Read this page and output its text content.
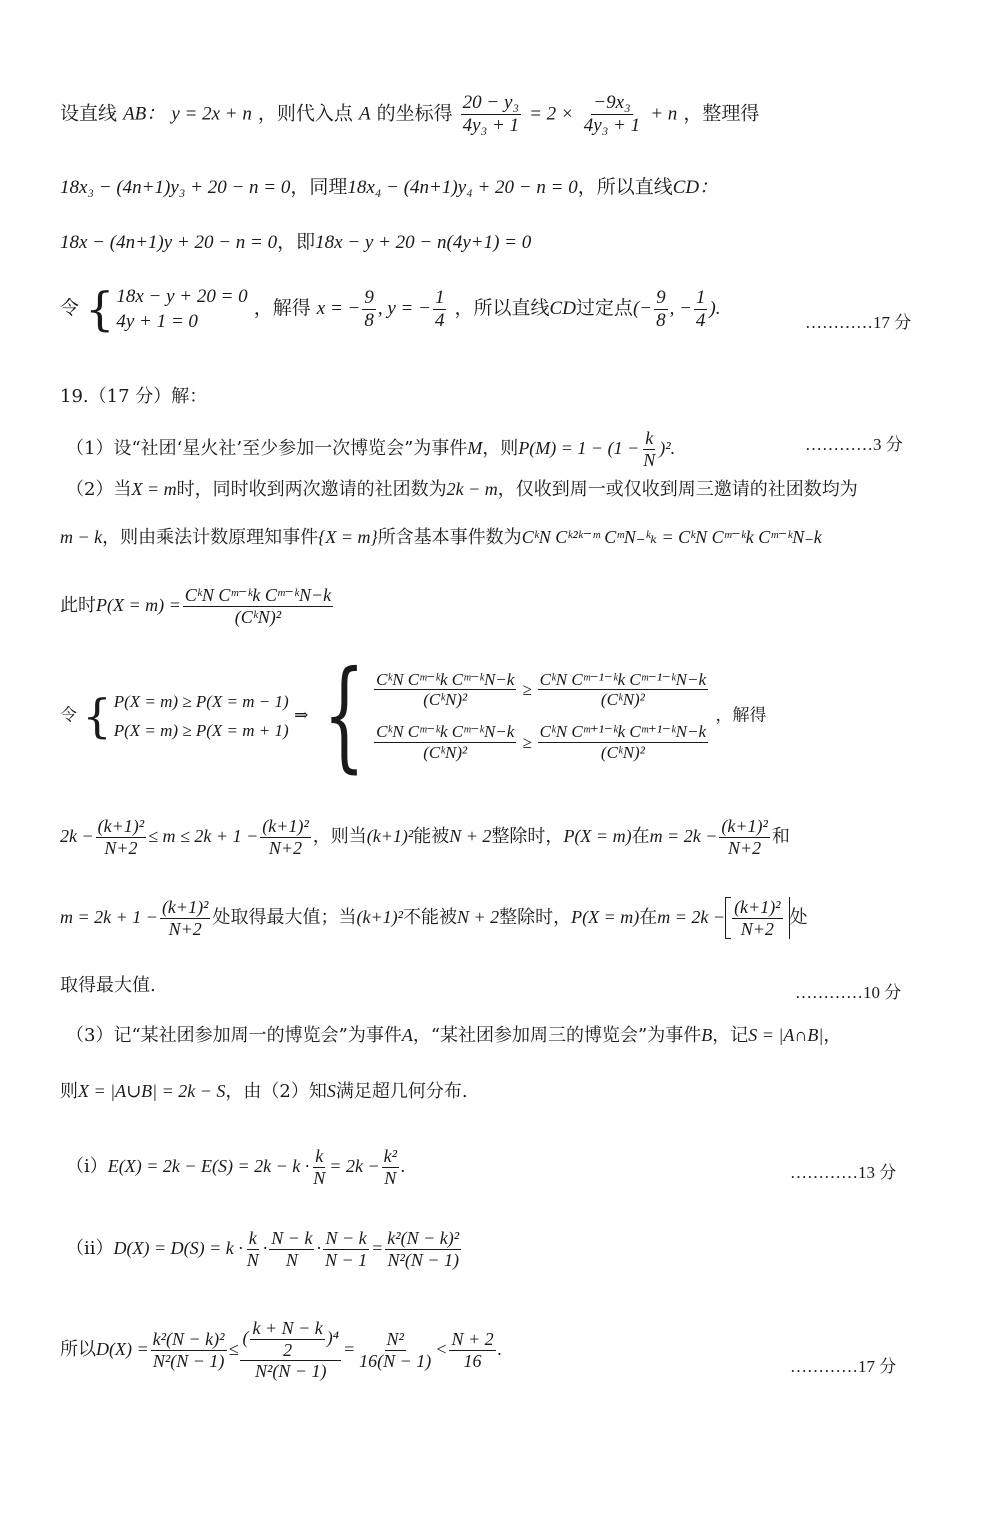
设直线 AB： y = 2x + n ，则代入点 A 的坐标得 $\frac{\text{20 − y₃}}{\text{4y₃ + 1}} = 2 \times \frac{\text{−9x₃}}{\text{4y₃ + 1}} + n$ ，整理得
18x₃ − (4n+1)y₃ + 20 − n = 0，同理18x₄ − (4n+1)y₄ + 20 − n = 0，所以直线CD：
18x − (4n+1)y + 20 − n = 0，即18x − y + 20 − n(4y+1) = 0
令 { 18x − y + 20 = 0
4y + 1 = 0
，解得 x = − $\frac{9}{8}$ , y = − $\frac{1}{4}$ ，所以直线CD过定点(− $\frac{9}{8}$ , − $\frac{1}{4}$ ).
…………17 分
19.（17 分）解：
（1）设“社团‘星火社’至少参加一次博览会”为事件M，则$P(M) = 1 - (1 - \frac{k}{N} )^2$.	…………3 分
（2）当X = m时，同时收到两次邀请的社团数为2k − m，仅收到周一或仅收到周三邀请的社团数均为
m − k，则由乘法计数原理知事件{X = m}所含基本事件数为CᵏN Cᵏ²ᵏ⁻ᵐ CᵐN₋ᵏₖ = CᵏN Cᵐ⁻ᵏk Cᵐ⁻ᵏN₋k
此时P(X = m) =
CᵏN Cᵐ⁻ᵏk Cᵐ⁻ᵏN−k
(CᵏN)²
令 { P(X = m) ≥ P(X = m − 1)
P(X = m) ≥ P(X = m + 1)
⇒ { CᵏN Cᵐ⁻ᵏk Cᵐ⁻ᵏN−k
(CᵏN)²
≥
CᵏN Cᵐ⁻¹⁻ᵏk Cᵐ⁻¹⁻ᵏN−k
(CᵏN)²
CᵏN Cᵐ⁻ᵏk Cᵐ⁻ᵏN−k
(CᵏN)²
≥
CᵏN Cᵐ⁺¹⁻ᵏk Cᵐ⁺¹⁻ᵏN−k
(CᵏN)²
，解得
$2k - \frac{\text{(k+1)²}}{N+2} \le m \le 2k + 1 - \frac{\text{(k+1)²}}{N+2}$ ，则当(k+1)²能被N + 2整除时，P(X = m)在$m = 2k - \frac{\text{(k+1)²}}{N+2}$ 和
$m = 2k + 1 - \frac{\text{(k+1)²}}{N+2}$ 处取得最大值；当(k+1)²不能被N + 2整除时，P(X = m)在$m = 2k - \frac{\text{(k+1)²}}{N+2}$ 处
取得最大值.	…………10 分
（3）记“某社团参加周一的博览会”为事件A，“某社团参加周三的博览会”为事件B，记S = |A∩B|，
则X = |A∪B| = 2k − S，由（2）知S满足超几何分布.
$(i)E(X) = 2k - E(S) = 2k - k \cdot \frac{k}{N} = 2k - \frac{\text{k²}}{N}$ .	…………13 分
$(ii)D(X) = D(S) = k \cdot \frac{k}{N} \cdot \frac{N - k}{N} \cdot \frac{N - k}{N - 1} = \frac{\text{k²(N − k)²}}{\text{N²(N − 1)}}$
所以$D(X) = \frac{\text{k²(N − k)²}}{\text{N²(N − 1)}} \le \frac{( \frac{k + N - k}{2} )^4}{\text{N²(N − 1)}} = \frac{\text{N²}}{16(N - 1)} < \frac{N + 2}{16}$ .
…………17 分
